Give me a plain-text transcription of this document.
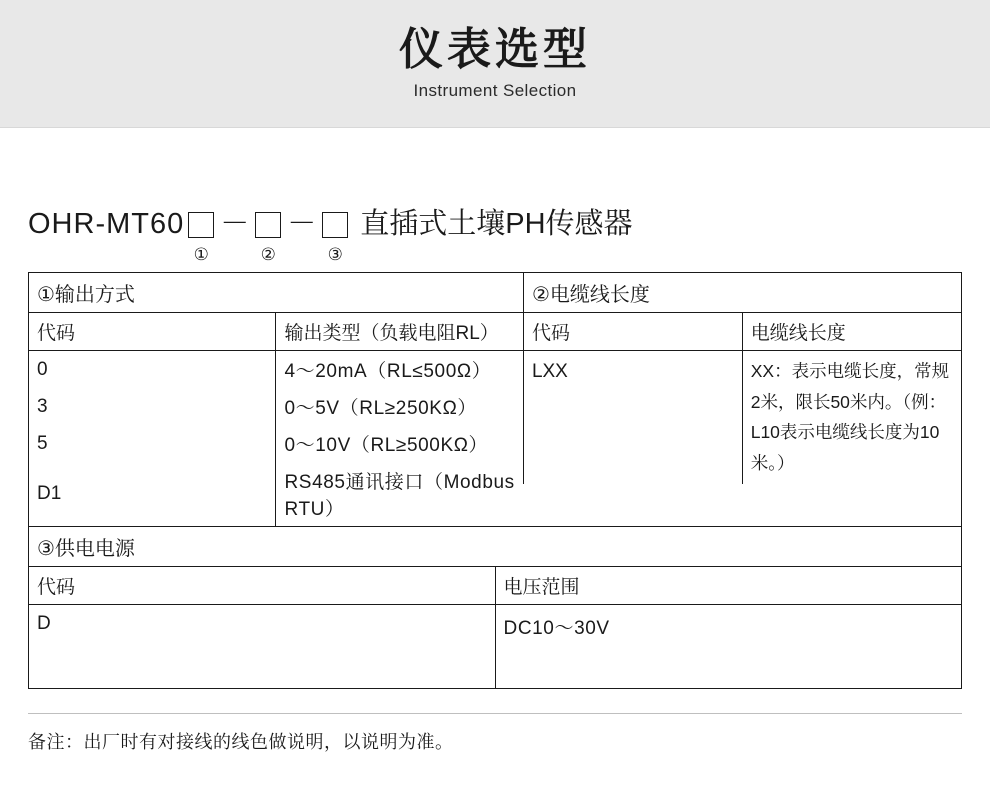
仪表选型
Instrument Selection
OHR-MT60
①
－
②
－
③
直插式土壤PH传感器
①输出方式	
代码	输出类型（负载电阻RL）
0	4～20mA（RL≤500Ω）
3	0～5V（RL≥250KΩ）
5	0～10V（RL≥500KΩ）
D1	RS485通讯接口（Modbus RTU）
②电缆线长度	
代码	电缆线长度
LXX	XX：表示电缆长度，常规2米，限长50米内。（例：L10表示电缆线长度为10米。）
③供电电源	
代码	电压范围
D	DC10～30V
备注：出厂时有对接线的线色做说明，以说明为准。
